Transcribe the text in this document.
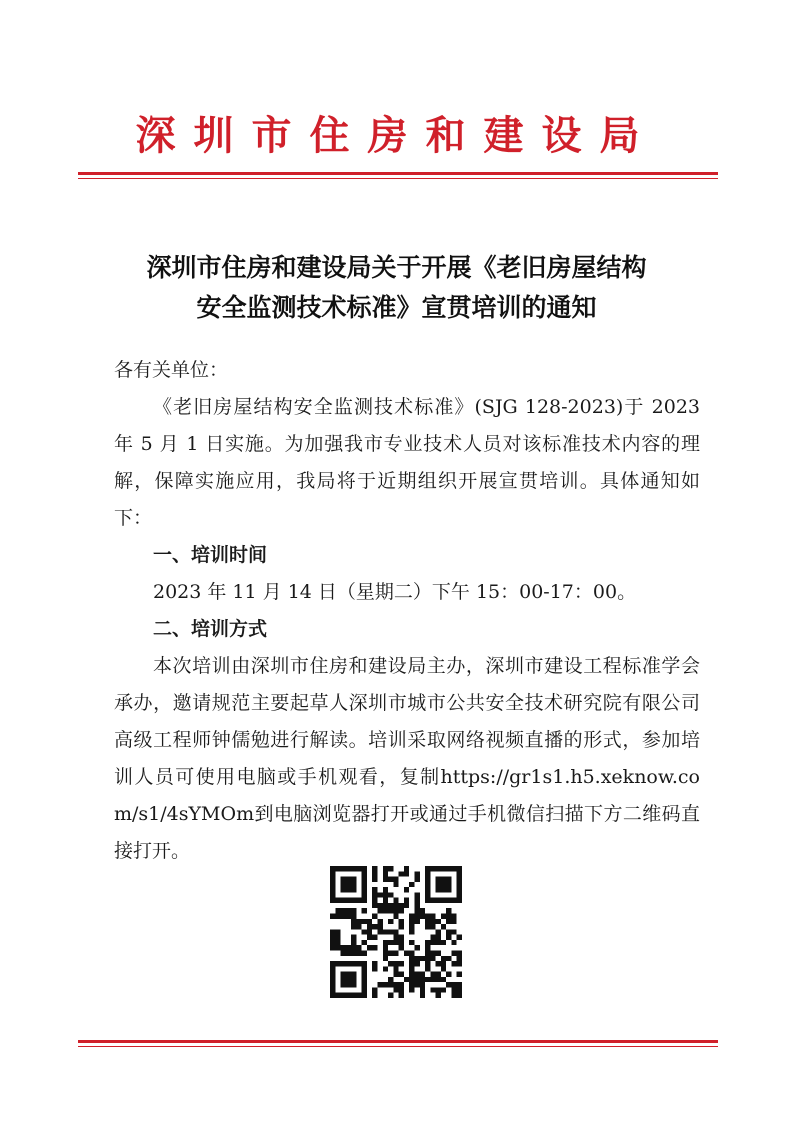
深圳市住房和建设局
深圳市住房和建设局关于开展《老旧房屋结构
安全监测技术标准》宣贯培训的通知

各有关单位：

《老旧房屋结构安全监测技术标准》(SJG 128-2023)于 2023 年 5 月 1 日实施。为加强我市专业技术人员对该标准技术内容的理解，保障实施应用，我局将于近期组织开展宣贯培训。具体通知如下：

一、培训时间

2023 年 11 月 14 日（星期二）下午 15：00-17：00。

二、培训方式

本次培训由深圳市住房和建设局主办，深圳市建设工程标准学会承办，邀请规范主要起草人深圳市城市公共安全技术研究院有限公司高级工程师钟儒勉进行解读。培训采取网络视频直播的形式，参加培训人员可使用电脑或手机观看，复制https://gr1s1.h5.xeknow.com/s1/4sYMOm到电脑浏览器打开或通过手机微信扫描下方二维码直接打开。
